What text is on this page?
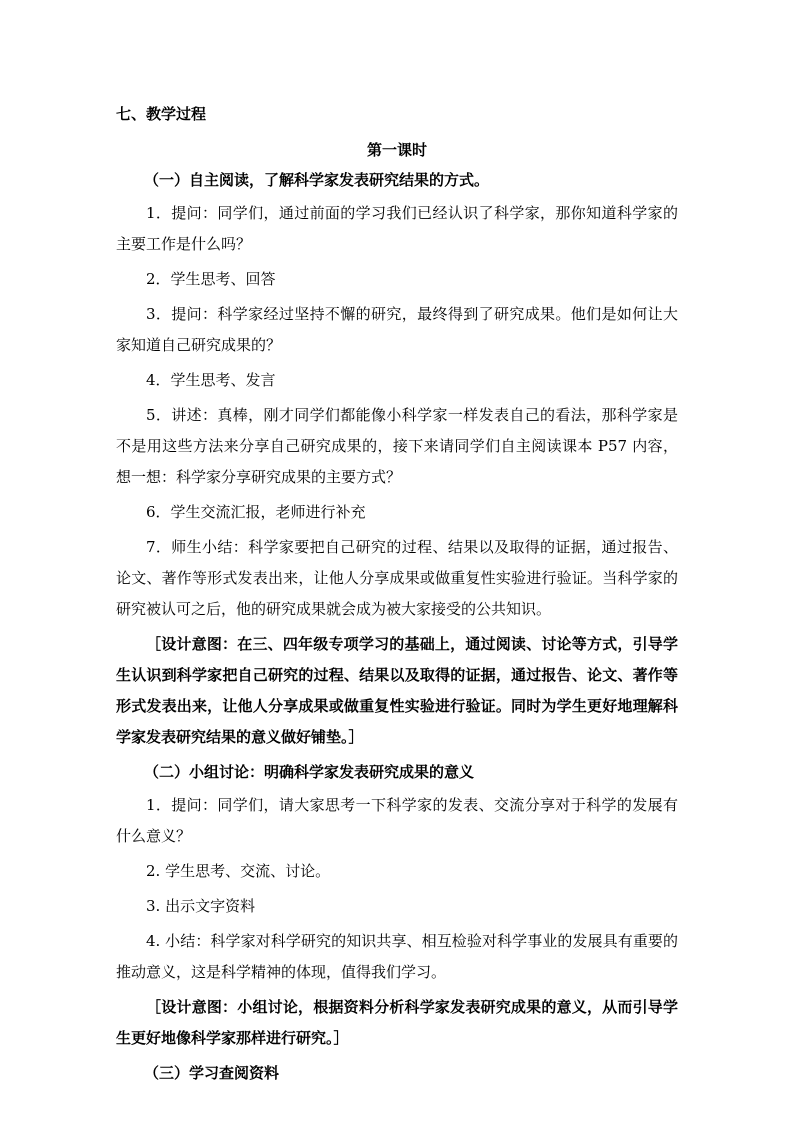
七、教学过程

第一课时

（一）自主阅读，了解科学家发表研究结果的方式。

1．提问：同学们，通过前面的学习我们已经认识了科学家，那你知道科学家的主要工作是什么吗？

2．学生思考、回答

3．提问：科学家经过坚持不懈的研究，最终得到了研究成果。他们是如何让大家知道自己研究成果的？

4．学生思考、发言

5．讲述：真棒，刚才同学们都能像小科学家一样发表自己的看法，那科学家是不是用这些方法来分享自己研究成果的，接下来请同学们自主阅读课本 P57 内容，想一想：科学家分享研究成果的主要方式？

6．学生交流汇报，老师进行补充

7．师生小结：科学家要把自己研究的过程、结果以及取得的证据，通过报告、论文、著作等形式发表出来，让他人分享成果或做重复性实验进行验证。当科学家的研究被认可之后，他的研究成果就会成为被大家接受的公共知识。

［设计意图：在三、四年级专项学习的基础上，通过阅读、讨论等方式，引导学生认识到科学家把自己研究的过程、结果以及取得的证据，通过报告、论文、著作等形式发表出来，让他人分享成果或做重复性实验进行验证。同时为学生更好地理解科学家发表研究结果的意义做好铺垫。］

（二）小组讨论：明确科学家发表研究成果的意义

1．提问：同学们，请大家思考一下科学家的发表、交流分享对于科学的发展有什么意义？

2. 学生思考、交流、讨论。

3. 出示文字资料

4. 小结：科学家对科学研究的知识共享、相互检验对科学事业的发展具有重要的推动意义，这是科学精神的体现，值得我们学习。

［设计意图：小组讨论，根据资料分析科学家发表研究成果的意义，从而引导学生更好地像科学家那样进行研究。］

（三）学习查阅资料
